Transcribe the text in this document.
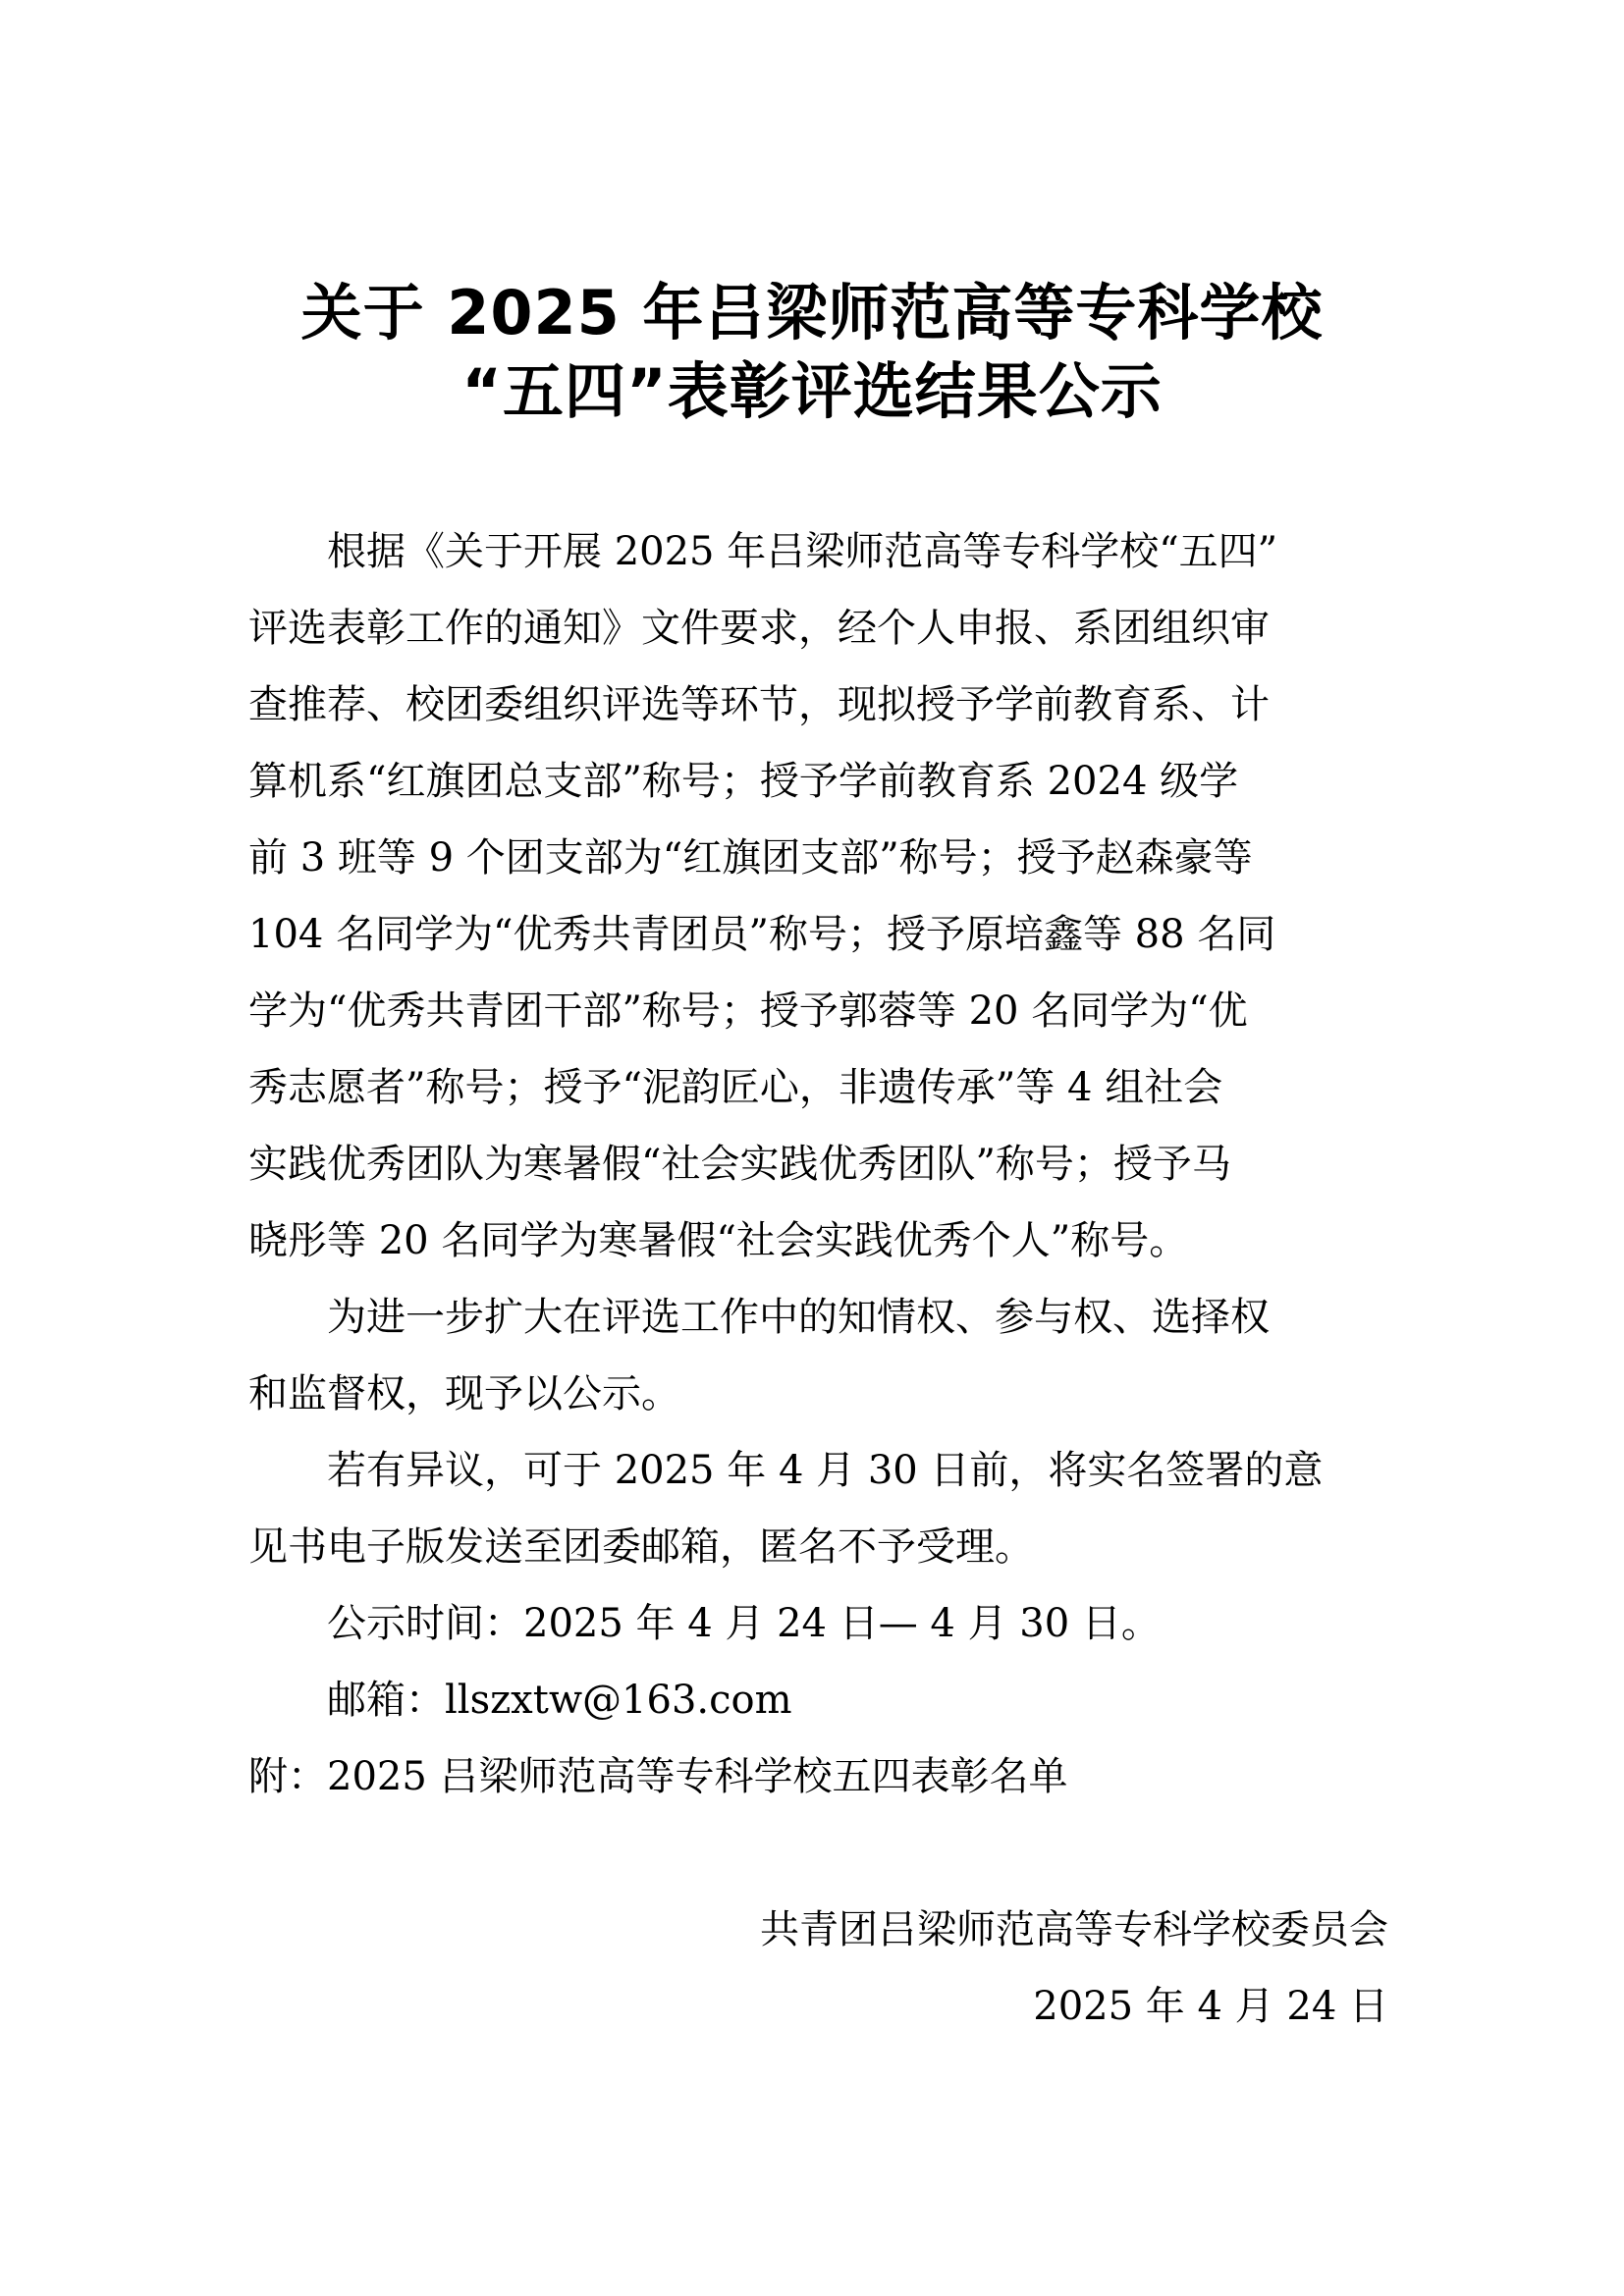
关于 2025 年吕梁师范高等专科学校
“五四”表彰评选结果公示
　　根据《关于开展 2025 年吕梁师范高等专科学校“五四”
评选表彰工作的通知》文件要求，经个人申报、系团组织审
查推荐、校团委组织评选等环节，现拟授予学前教育系、计
算机系“红旗团总支部”称号；授予学前教育系 2024 级学
前 3 班等 9 个团支部为“红旗团支部”称号；授予赵森豪等
104 名同学为“优秀共青团员”称号；授予原培鑫等 88 名同
学为“优秀共青团干部”称号；授予郭蓉等 20 名同学为“优
秀志愿者”称号；授予“泥韵匠心，非遗传承”等 4 组社会
实践优秀团队为寒暑假“社会实践优秀团队”称号；授予马
晓彤等 20 名同学为寒暑假“社会实践优秀个人”称号。
　　为进一步扩大在评选工作中的知情权、参与权、选择权
和监督权，现予以公示。
　　若有异议，可于 2025 年 4 月 30 日前，将实名签署的意
见书电子版发送至团委邮箱，匿名不予受理。
　　公示时间：2025 年 4 月 24 日— 4 月 30 日。
　　邮箱：llszxtw@163.com
附：2025 吕梁师范高等专科学校五四表彰名单
共青团吕梁师范高等专科学校委员会
2025 年 4 月 24 日
